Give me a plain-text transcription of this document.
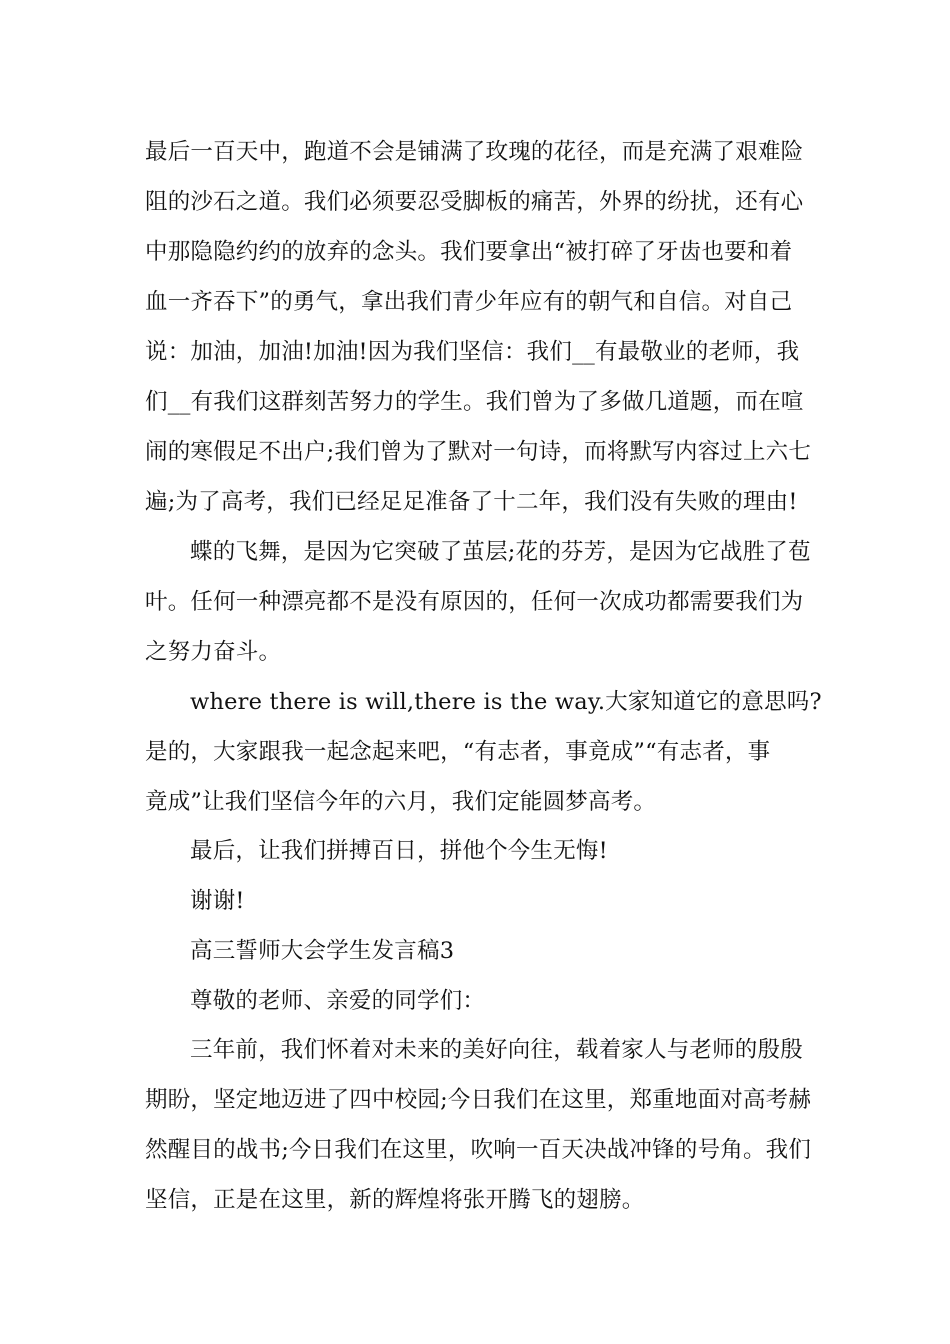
最后一百天中，跑道不会是铺满了玫瑰的花径，而是充满了艰难险
阻的沙石之道。我们必须要忍受脚板的痛苦，外界的纷扰，还有心
中那隐隐约约的放弃的念头。我们要拿出“被打碎了牙齿也要和着
血一齐吞下”的勇气，拿出我们青少年应有的朝气和自信。对自己
说：加油，加油!加油!因为我们坚信：我们__有最敬业的老师，我
们__有我们这群刻苦努力的学生。我们曾为了多做几道题，而在喧
闹的寒假足不出户;我们曾为了默对一句诗，而将默写内容过上六七
遍;为了高考，我们已经足足准备了十二年，我们没有失败的理由!
蝶的飞舞，是因为它突破了茧层;花的芬芳，是因为它战胜了苞
叶。任何一种漂亮都不是没有原因的，任何一次成功都需要我们为
之努力奋斗。
where there is will,there is the way.大家知道它的意思吗?
是的，大家跟我一起念起来吧，“有志者，事竟成”“有志者，事
竟成”让我们坚信今年的六月，我们定能圆梦高考。
最后，让我们拼搏百日，拼他个今生无悔!
谢谢!
高三誓师大会学生发言稿3
尊敬的老师、亲爱的同学们：
三年前，我们怀着对未来的美好向往，载着家人与老师的殷殷
期盼，坚定地迈进了四中校园;今日我们在这里，郑重地面对高考赫
然醒目的战书;今日我们在这里，吹响一百天决战冲锋的号角。我们
坚信，正是在这里，新的辉煌将张开腾飞的翅膀。
